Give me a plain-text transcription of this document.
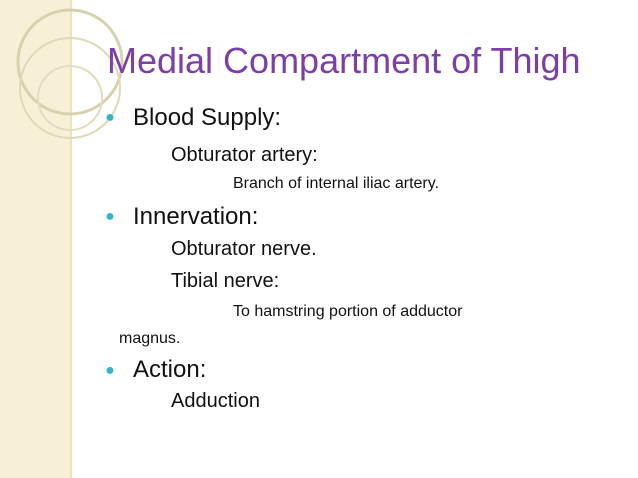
Medial Compartment of Thigh
● Blood Supply:
Obturator artery:
Branch of internal iliac artery.
● Innervation:
Obturator nerve.
Tibial nerve:
To hamstring portion of adductor
magnus.
● Action:
Adduction
